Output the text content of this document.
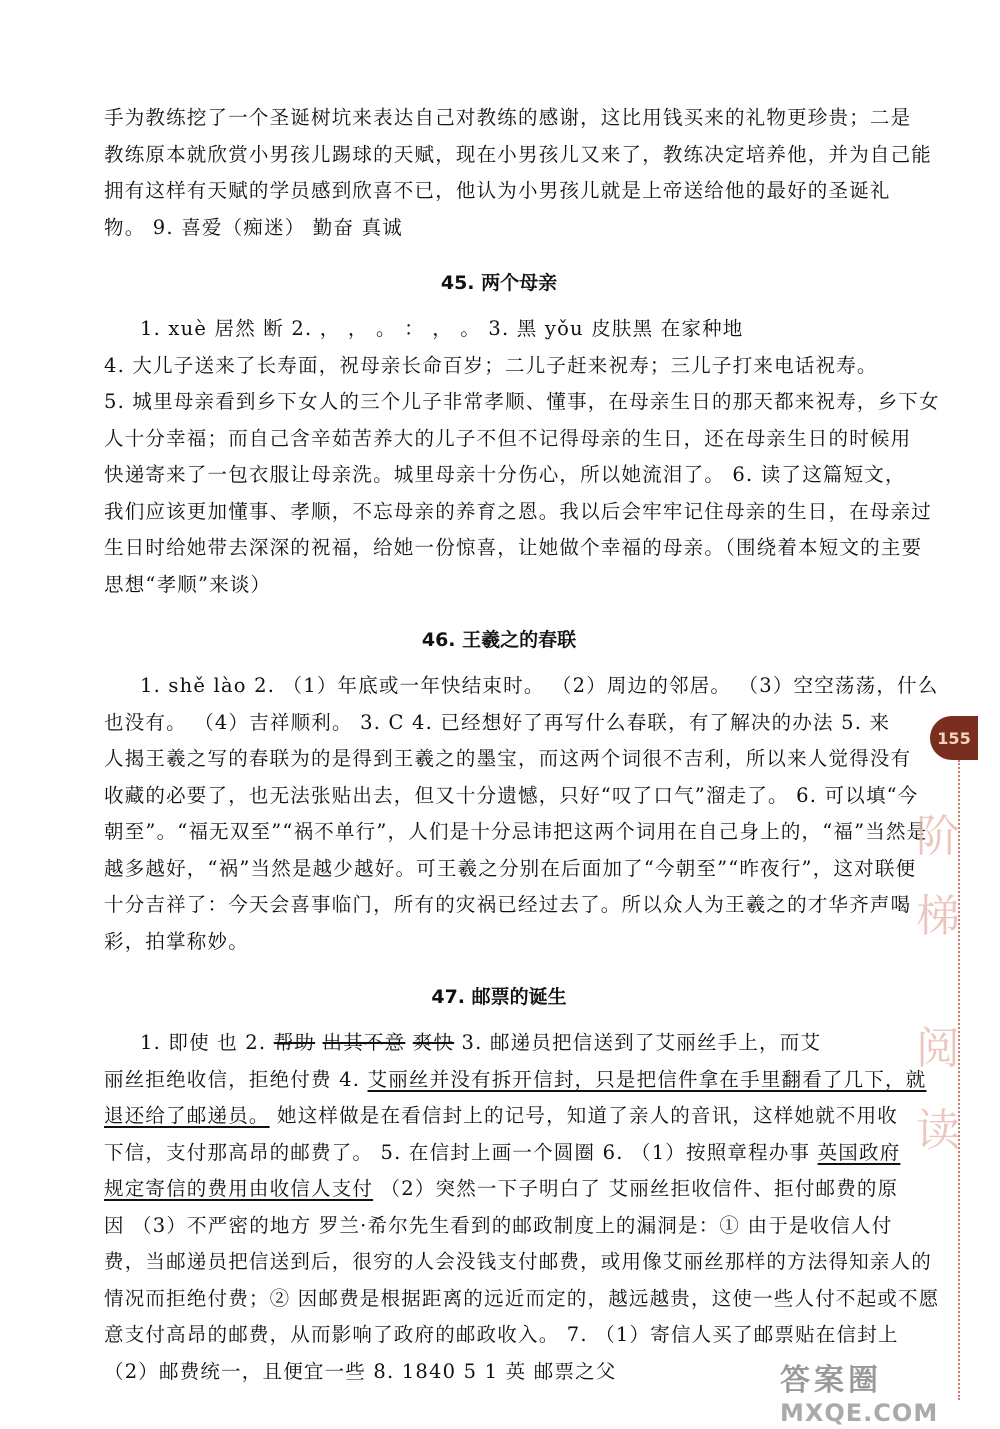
手为教练挖了一个圣诞树坑来表达自己对教练的感谢，这比用钱买来的礼物更珍贵；二是
教练原本就欣赏小男孩儿踢球的天赋，现在小男孩儿又来了，教练决定培养他，并为自己能
拥有这样有天赋的学员感到欣喜不已，他认为小男孩儿就是上帝送给他的最好的圣诞礼
物。 9. 喜爱（痴迷） 勤奋 真诚
45. 两个母亲
1. xuè 居然 断 2. ， ， 。 ： ， 。 3. 黑 yǒu 皮肤黑 在家种地
4. 大儿子送来了长寿面，祝母亲长命百岁；二儿子赶来祝寿；三儿子打来电话祝寿。
5. 城里母亲看到乡下女人的三个儿子非常孝顺、懂事，在母亲生日的那天都来祝寿，乡下女
人十分幸福；而自己含辛茹苦养大的儿子不但不记得母亲的生日，还在母亲生日的时候用
快递寄来了一包衣服让母亲洗。城里母亲十分伤心，所以她流泪了。 6. 读了这篇短文，
我们应该更加懂事、孝顺，不忘母亲的养育之恩。我以后会牢牢记住母亲的生日，在母亲过
生日时给她带去深深的祝福，给她一份惊喜，让她做个幸福的母亲。（围绕着本短文的主要
思想“孝顺”来谈）
46. 王羲之的春联
1. shě lào 2. （1）年底或一年快结束时。 （2）周边的邻居。 （3）空空荡荡，什么
也没有。 （4）吉祥顺利。 3. C 4. 已经想好了再写什么春联，有了解决的办法 5. 来
人揭王羲之写的春联为的是得到王羲之的墨宝，而这两个词很不吉利，所以来人觉得没有
收藏的必要了，也无法张贴出去，但又十分遗憾，只好“叹了口气”溜走了。 6. 可以填“今
朝至”。“福无双至”“祸不单行”，人们是十分忌讳把这两个词用在自己身上的，“福”当然是
越多越好，“祸”当然是越少越好。可王羲之分别在后面加了“今朝至”“昨夜行”，这对联便
十分吉祥了：今天会喜事临门，所有的灾祸已经过去了。所以众人为王羲之的才华齐声喝
彩，拍掌称妙。
47. 邮票的诞生
1. 即使 也 2. 帮助 出其不意 爽快 3. 邮递员把信送到了艾丽丝手上，而艾
丽丝拒绝收信，拒绝付费 4. 艾丽丝并没有拆开信封，只是把信件拿在手里翻看了几下，就
退还给了邮递员。 她这样做是在看信封上的记号，知道了亲人的音讯，这样她就不用收
下信，支付那高昂的邮费了。 5. 在信封上画一个圆圈 6. （1）按照章程办事 英国政府
规定寄信的费用由收信人支付 （2）突然一下子明白了 艾丽丝拒收信件、拒付邮费的原
因 （3）不严密的地方 罗兰·希尔先生看到的邮政制度上的漏洞是：① 由于是收信人付
费，当邮递员把信送到后，很穷的人会没钱支付邮费，或用像艾丽丝那样的方法得知亲人的
情况而拒绝付费；② 因邮费是根据距离的远近而定的，越远越贵，这使一些人付不起或不愿
意支付高昂的邮费，从而影响了政府的邮政收入。 7. （1）寄信人买了邮票贴在信封上
（2）邮费统一，且便宜一些 8. 1840 5 1 英 邮票之父
155
阶
梯
阅
读
答案圈
MXQE.COM
